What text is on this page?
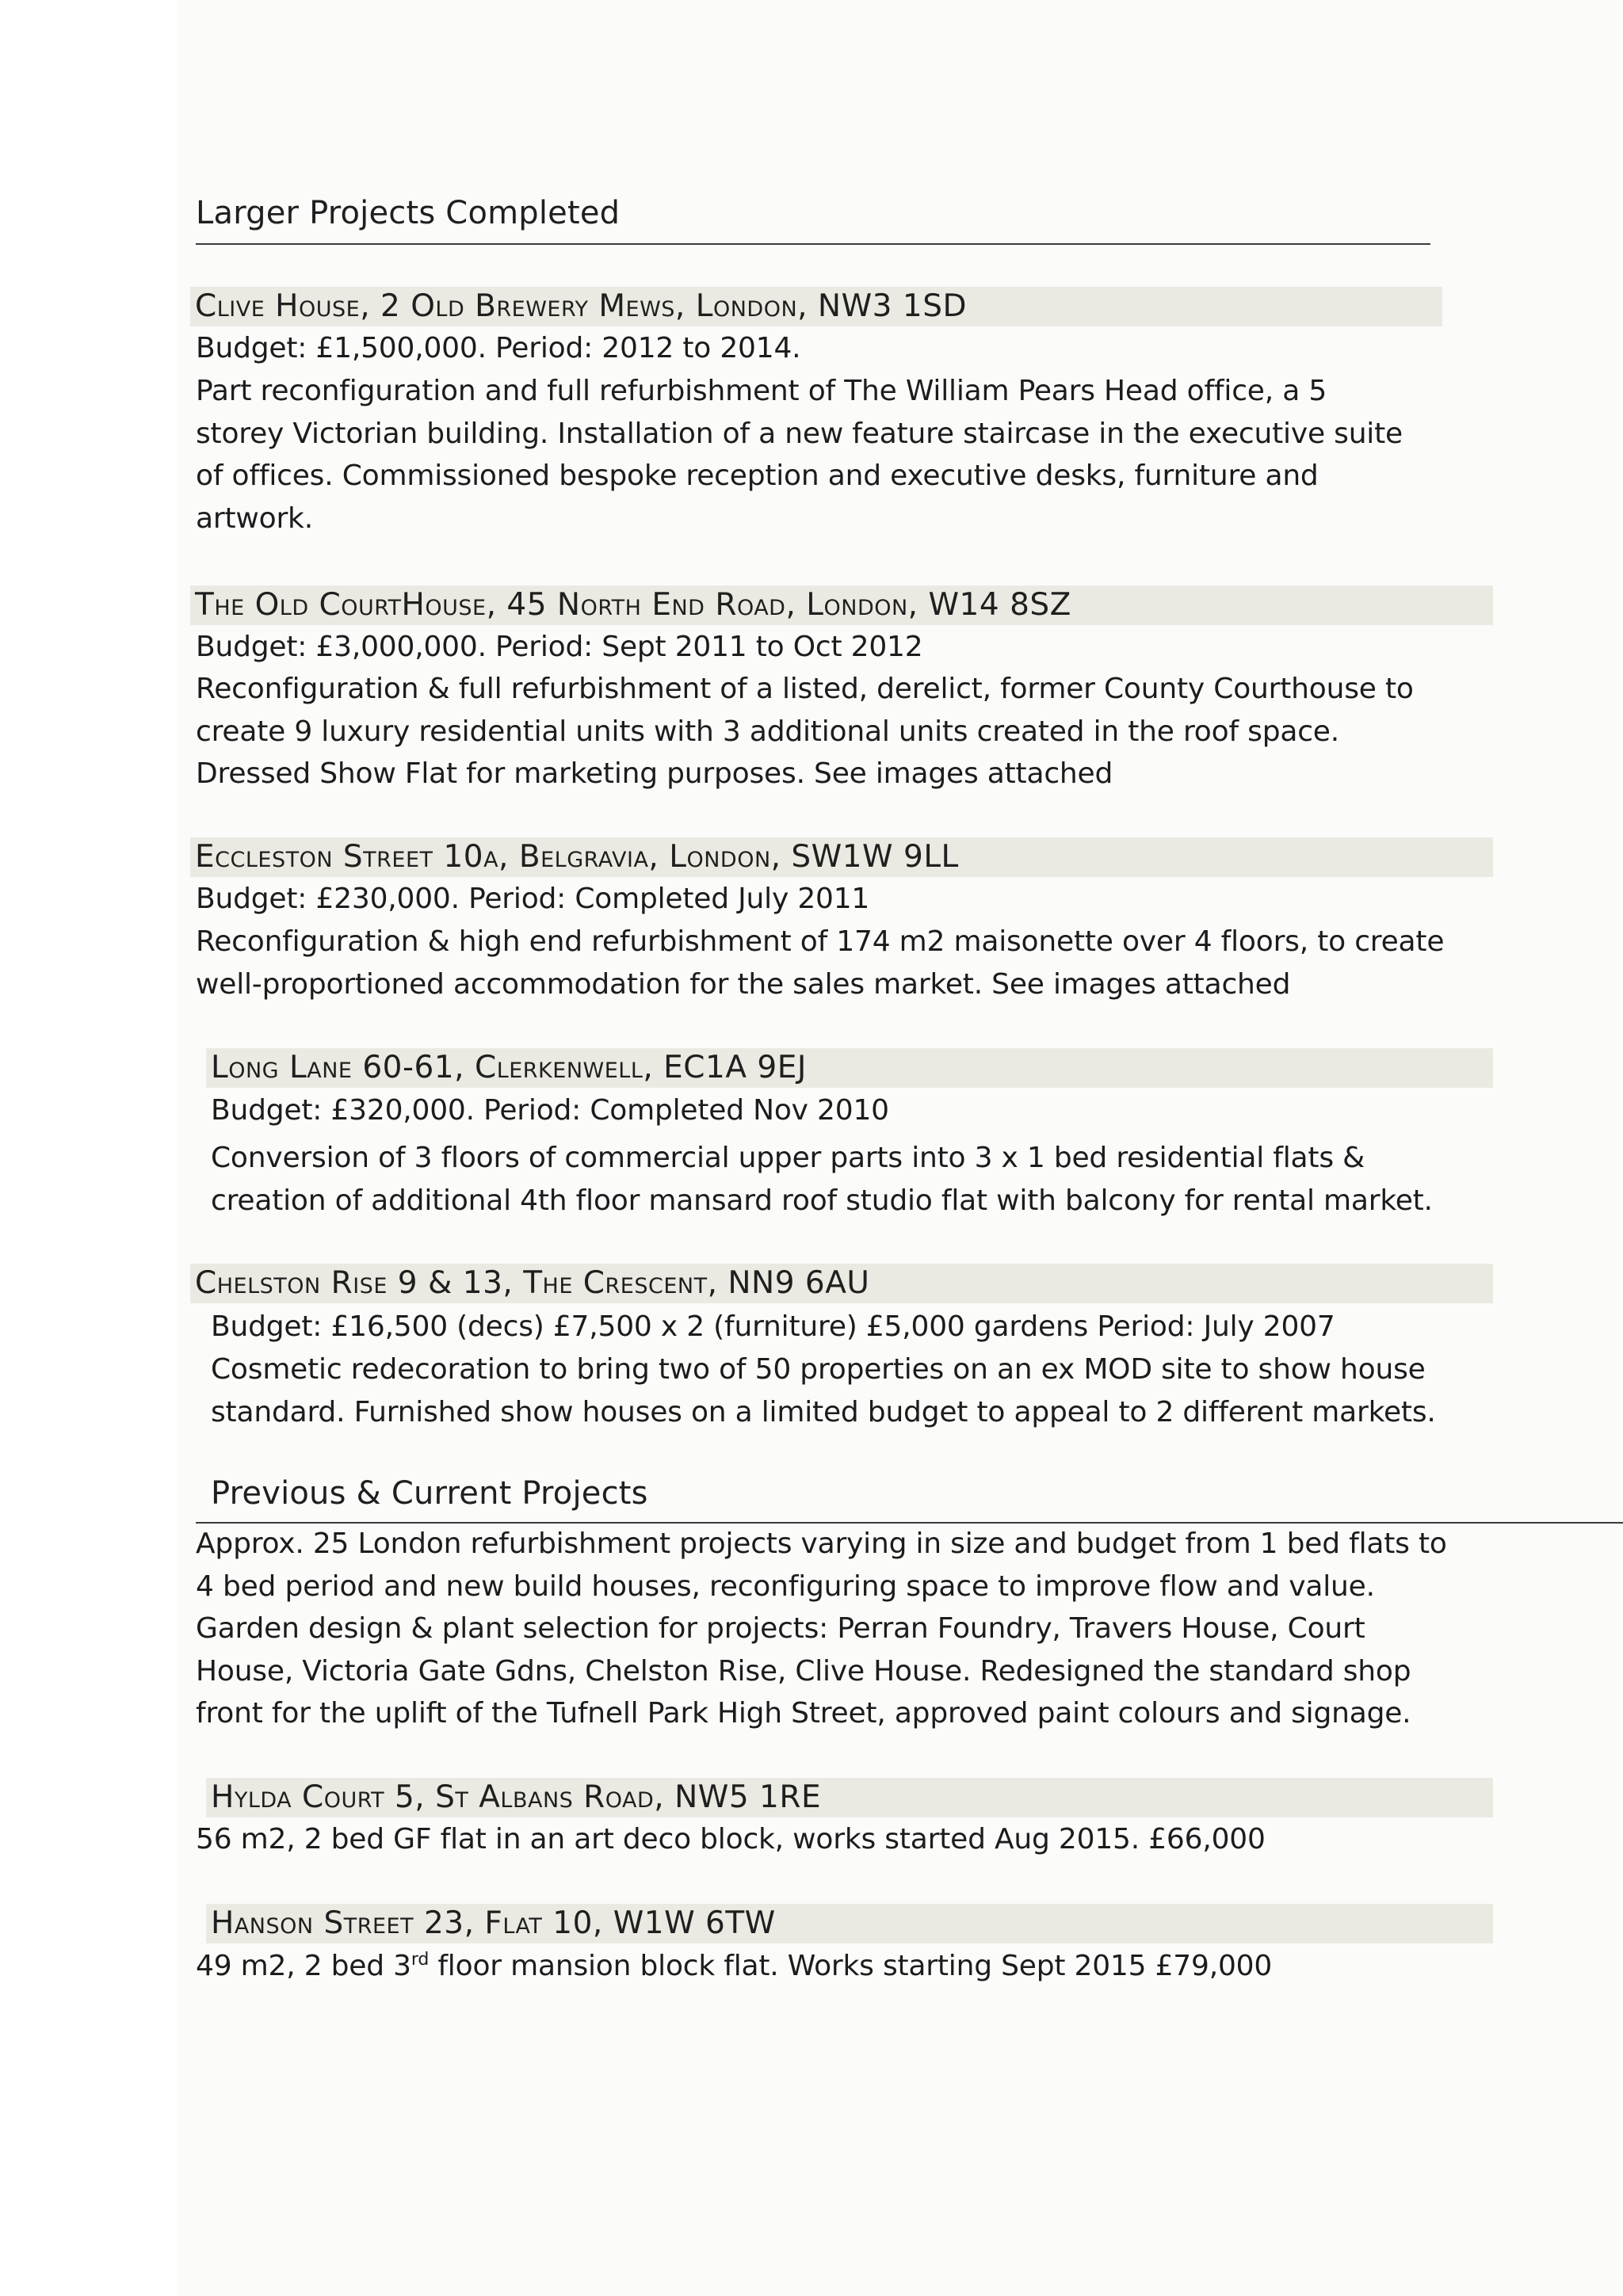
Larger Projects Completed
Clive House, 2 Old Brewery Mews, London, NW3 1SD

Budget: £1,500,000. Period: 2012 to 2014.

Part reconfiguration and full refurbishment of The William Pears Head office, a 5
storey Victorian building. Installation of a new feature staircase in the executive suite
of offices. Commissioned bespoke reception and executive desks, furniture and
artwork.

The Old CourtHouse, 45 North End Road, London, W14 8SZ

Budget: £3,000,000. Period: Sept 2011 to Oct 2012

Reconfiguration & full refurbishment of a listed, derelict, former County Courthouse to
create 9 luxury residential units with 3 additional units created in the roof space.
Dressed Show Flat for marketing purposes. See images attached

Eccleston Street 10a, Belgravia, London, SW1W 9LL

Budget: £230,000. Period: Completed July 2011

Reconfiguration & high end refurbishment of 174 m2 maisonette over 4 floors, to create
well-proportioned accommodation for the sales market. See images attached

Long Lane 60-61, Clerkenwell, EC1A 9EJ

Budget: £320,000. Period: Completed Nov 2010

Conversion of 3 floors of commercial upper parts into 3 x 1 bed residential flats &
creation of additional 4th floor mansard roof studio flat with balcony for rental market.

Chelston Rise 9 & 13, The Crescent, NN9 6AU

Budget: £16,500 (decs) £7,500 x 2 (furniture) £5,000 gardens Period: July 2007

Cosmetic redecoration to bring two of 50 properties on an ex MOD site to show house
standard. Furnished show houses on a limited budget to appeal to 2 different markets.

Previous & Current Projects

Approx. 25 London refurbishment projects varying in size and budget from 1 bed flats to
4 bed period and new build houses, reconfiguring space to improve flow and value.
Garden design & plant selection for projects: Perran Foundry, Travers House, Court
House, Victoria Gate Gdns, Chelston Rise, Clive House. Redesigned the standard shop
front for the uplift of the Tufnell Park High Street, approved paint colours and signage.

Hylda Court 5, St Albans Road, NW5 1RE

56 m2, 2 bed GF flat in an art deco block, works started Aug 2015. £66,000

Hanson Street 23, Flat 10, W1W 6TW

49 m2, 2 bed 3rd floor mansion block flat. Works starting Sept 2015 £79,000
